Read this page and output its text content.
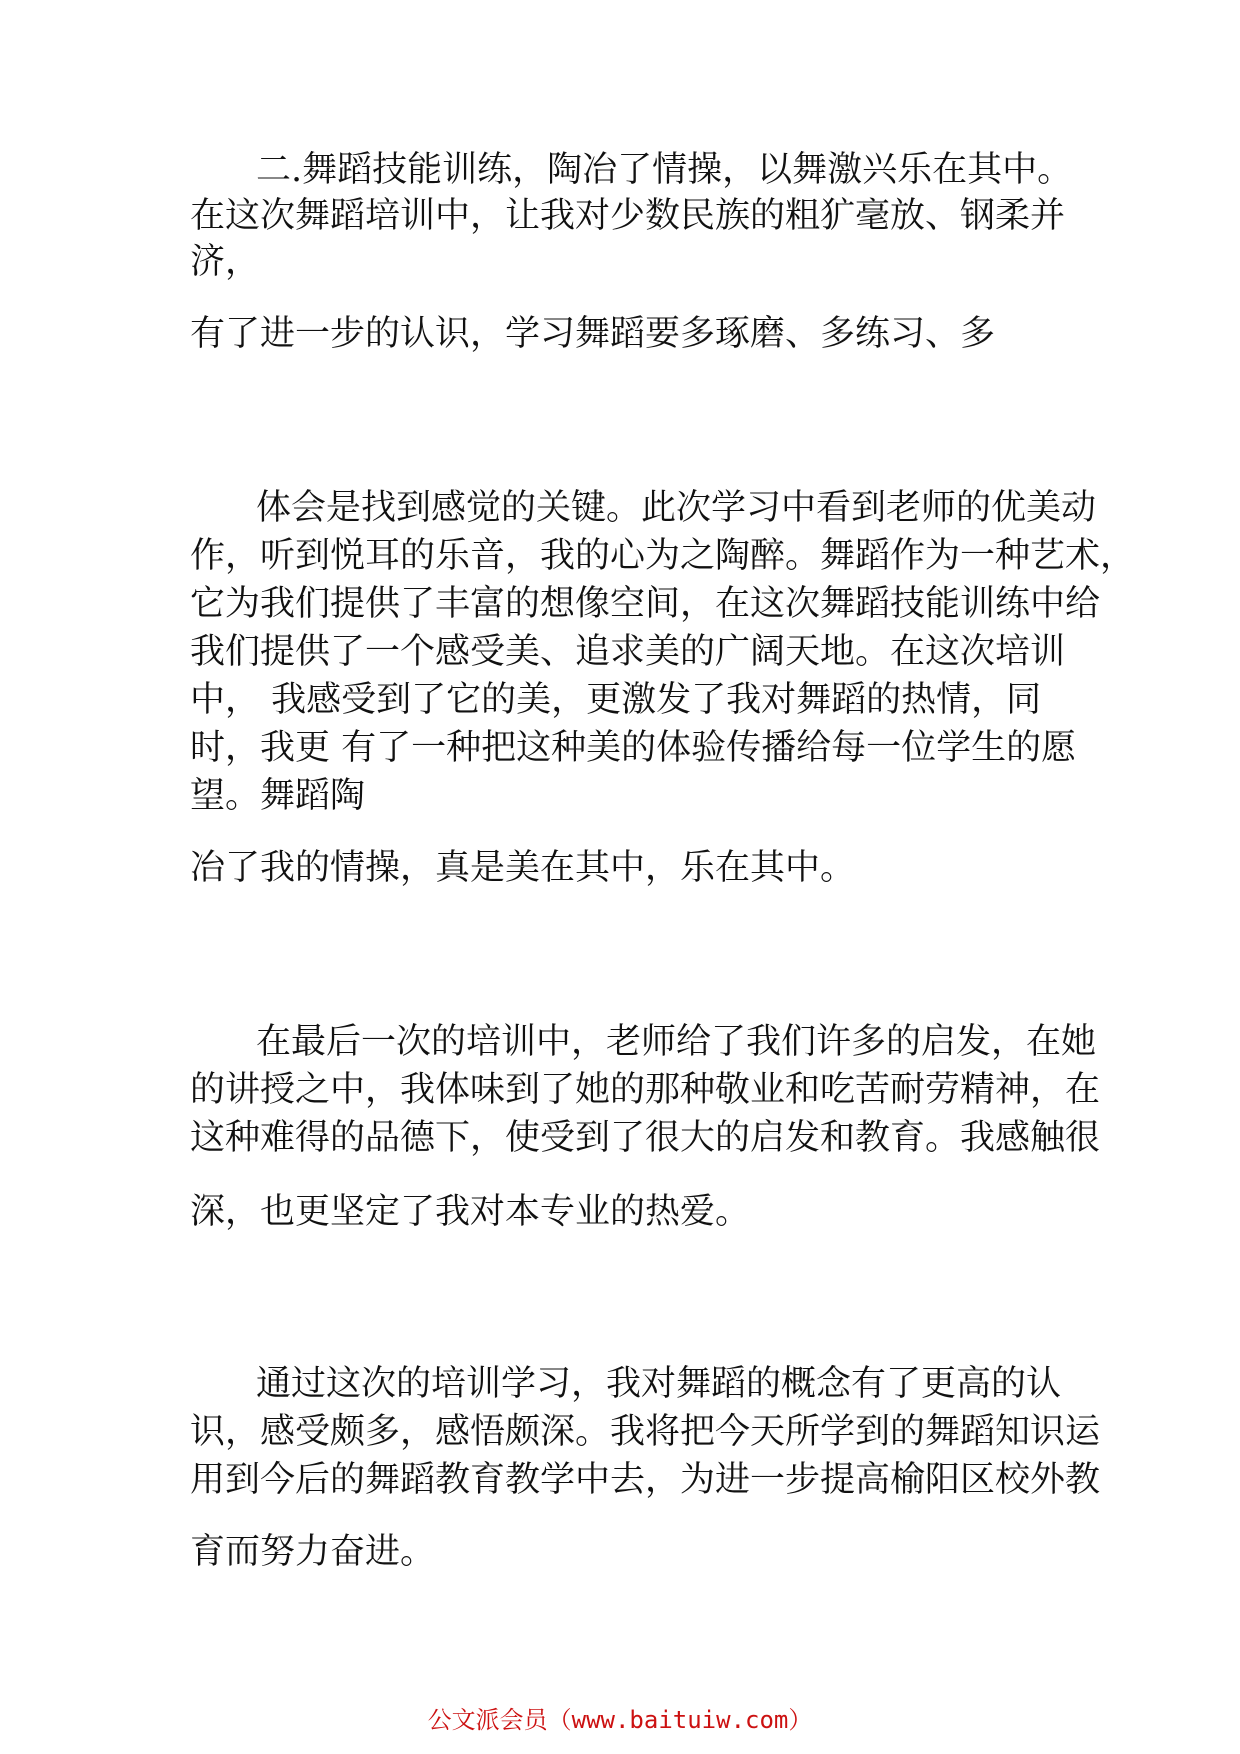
二.舞蹈技能训练，陶冶了情操，以舞激兴乐在其中。
在这次舞蹈培训中，让我对少数民族的粗犷毫放、钢柔并
济，
有了进一步的认识，学习舞蹈要多琢磨、多练习、多
体会是找到感觉的关键。此次学习中看到老师的优美动
作，听到悦耳的乐音，我的心为之陶醉。舞蹈作为一种艺术，
它为我们提供了丰富的想像空间，在这次舞蹈技能训练中给
我们提供了一个感受美、追求美的广阔天地。在这次培训
中， 我感受到了它的美，更激发了我对舞蹈的热情，同
时，我更 有了一种把这种美的体验传播给每一位学生的愿
望。舞蹈陶
冶了我的情操，真是美在其中，乐在其中。
在最后一次的培训中，老师给了我们许多的启发，在她
的讲授之中，我体味到了她的那种敬业和吃苦耐劳精神，在
这种难得的品德下，使受到了很大的启发和教育。我感触很
深，也更坚定了我对本专业的热爱。
通过这次的培训学习，我对舞蹈的概念有了更高的认
识，感受颇多，感悟颇深。我将把今天所学到的舞蹈知识运
用到今后的舞蹈教育教学中去，为进一步提高榆阳区校外教
育而努力奋进。
公文派会员（www.baituiw.com）
